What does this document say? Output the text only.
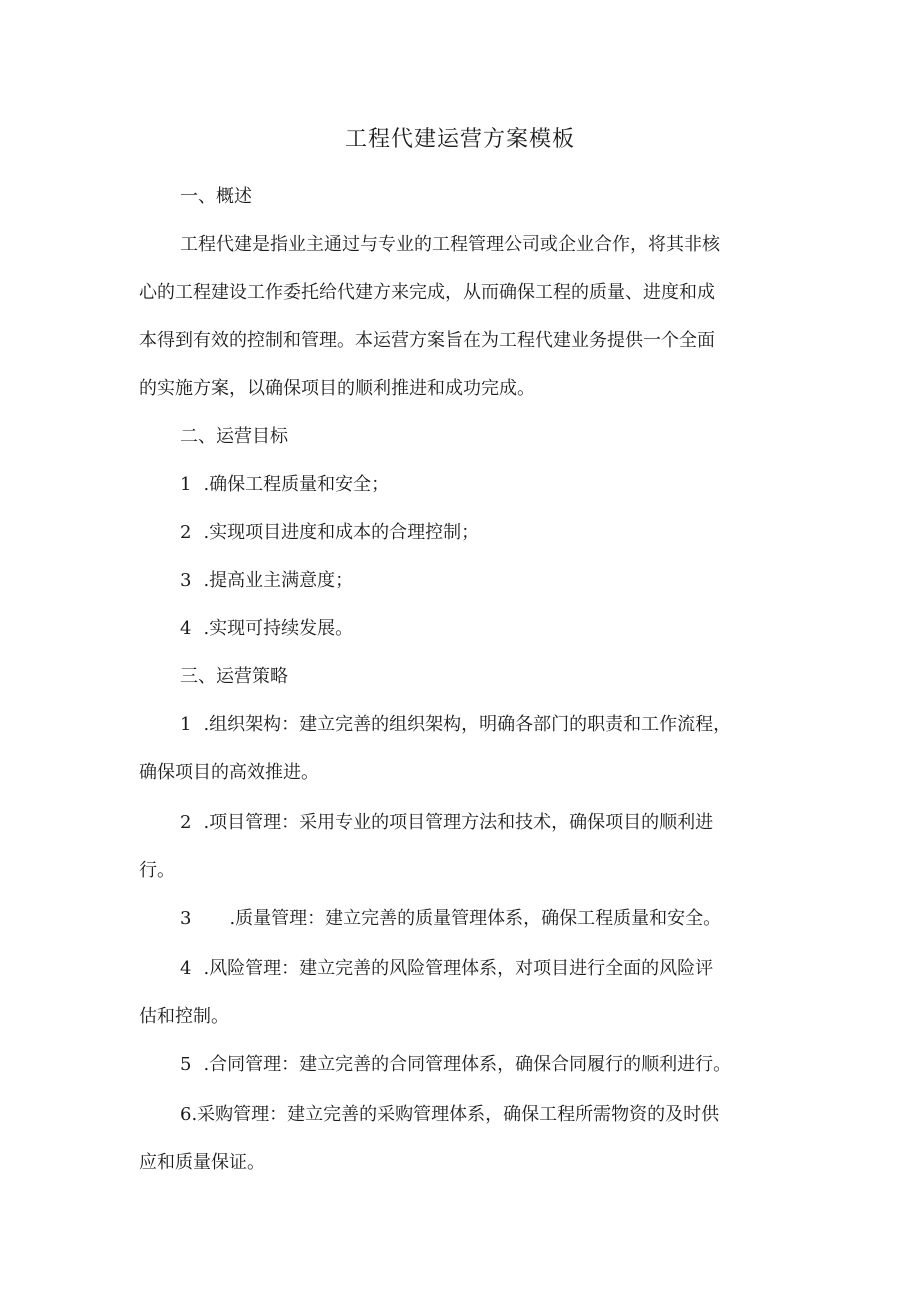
工程代建运营方案模板
一、概述
工程代建是指业主通过与专业的工程管理公司或企业合作，将其非核
心的工程建设工作委托给代建方来完成，从而确保工程的质量、进度和成
本得到有效的控制和管理。本运营方案旨在为工程代建业务提供一个全面
的实施方案，以确保项目的顺利推进和成功完成。
二、运营目标
1 .确保工程质量和安全；
2 .实现项目进度和成本的合理控制；
3 .提高业主满意度；
4 .实现可持续发展。
三、运营策略
1 .组织架构：建立完善的组织架构，明确各部门的职责和工作流程，
确保项目的高效推进。
2 .项目管理：采用专业的项目管理方法和技术，确保项目的顺利进
行。
3 .质量管理：建立完善的质量管理体系，确保工程质量和安全。
4 .风险管理：建立完善的风险管理体系，对项目进行全面的风险评
估和控制。
5 .合同管理：建立完善的合同管理体系，确保合同履行的顺利进行。
6.采购管理：建立完善的采购管理体系，确保工程所需物资的及时供
应和质量保证。
